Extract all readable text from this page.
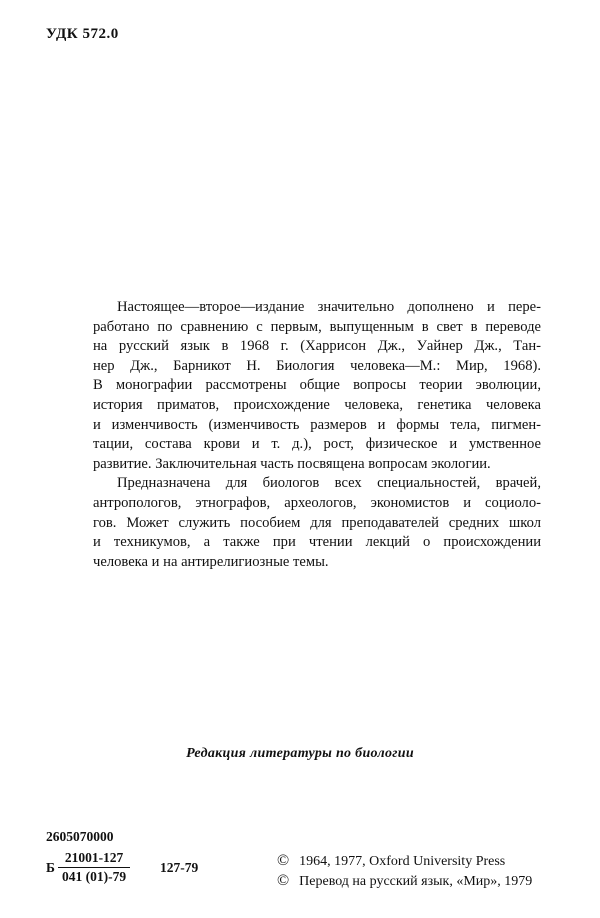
УДК 572.0
Настоящее—второе—издание значительно дополнено и пере-
работано по сравнению с первым, выпущенным в свет в переводе
на русский язык в 1968 г. (Харрисон Дж., Уайнер Дж., Тан-
нер Дж., Барникот Н. Биология человека—М.: Мир, 1968).
В монографии рассмотрены общие вопросы теории эволюции,
история приматов, происхождение человека, генетика человека
и изменчивость (изменчивость размеров и формы тела, пигмен-
тации, состава крови и т. д.), рост, физическое и умственное
развитие. Заключительная часть посвящена вопросам экологии.
Предназначена для биологов всех специальностей, врачей,
антропологов, этнографов, археологов, экономистов и социоло-
гов. Может служить пособием для преподавателей средних школ
и техникумов, а также при чтении лекций о происхождении
человека и на антирелигиозные темы.
Редакция литературы по биологии
2605070000
Б $\frac{21001-127}{041 (01)-79} 127-79$	© 1964, 1977, Oxford University Press
© Перевод на русский язык, «Мир», 1979
